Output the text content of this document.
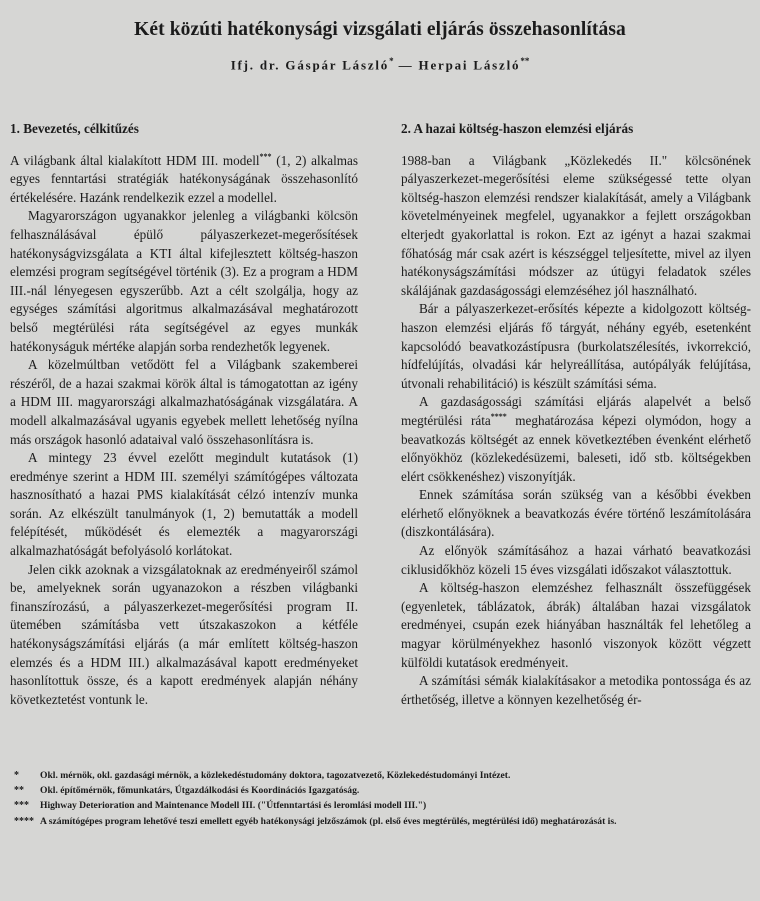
Két közúti hatékonysági vizsgálati eljárás összehasonlítása
Ifj. dr. Gáspár László* — Herpai László**
1. Bevezetés, célkitűzés

A világbank által kialakított HDM III. modell*** (1, 2) alkalmas egyes fenntartási stratégiák hatékonyságának összehasonlító értékelésére. Hazánk rendelkezik ezzel a modellel.

Magyarországon ugyanakkor jelenleg a világbanki kölcsön felhasználásával épülő pályaszerkezet-megerősítések hatékonyságvizsgálata a KTI által kifejlesztett költség-haszon elemzési program segítségével történik (3). Ez a program a HDM III.-nál lényegesen egyszerűbb. Azt a célt szolgálja, hogy az egységes számítási algoritmus alkalmazásával meghatározott belső megtérülési ráta segítségével az egyes munkák hatékonyságuk mértéke alapján sorba rendezhetők legyenek.

A közelmúltban vetődött fel a Világbank szakemberei részéről, de a hazai szakmai körök által is támogatottan az igény a HDM III. magyarországi alkalmazhatóságának vizsgálatára. A modell alkalmazásával ugyanis egyebek mellett lehetőség nyílna más országok hasonló adataival való összehasonlításra is.

A mintegy 23 évvel ezelőtt megindult kutatások (1) eredménye szerint a HDM III. személyi számítógépes változata hasznosítható a hazai PMS kialakítását célzó intenzív munka során. Az elkészült tanulmányok (1, 2) bemutatták a modell felépítését, működését és elemezték a magyarországi alkalmazhatóságát befolyásoló korlátokat.

Jelen cikk azoknak a vizsgálatoknak az eredményeiről számol be, amelyeknek során ugyanazokon a részben világbanki finanszírozású, a pályaszerkezet-megerősítési program II. ütemében számításba vett útszakaszokon a kétféle hatékonyságszámítási eljárás (a már említett költség-haszon elemzés és a HDM III.) alkalmazásával kapott eredményeket hasonlítottuk össze, és a kapott eredmények alapján néhány következtetést vontunk le.

2. A hazai költség-haszon elemzési eljárás

1988-ban a Világbank „Közlekedés II." kölcsönének pályaszerkezet-megerősítési eleme szükségessé tette olyan költség-haszon elemzési rendszer kialakítását, amely a Világbank követelményeinek megfelel, ugyanakkor a fejlett országokban elterjedt gyakorlattal is rokon. Ezt az igényt a hazai szakmai főhatóság már csak azért is készséggel teljesítette, mivel az ilyen hatékonyságszámítási módszer az útügyi feladatok széles skálájának gazdaságossági elemzéséhez jól használható.

Bár a pályaszerkezet-erősítés képezte a kidolgozott költség-haszon elemzési eljárás fő tárgyát, néhány egyéb, esetenként kapcsolódó beavatkozástípusra (burkolatszélesítés, ivkorrekció, hídfelújítás, olvadási kár helyreállítása, autópályák felújítása, útvonali rehabilitáció) is készült számítási séma.

A gazdaságossági számítási eljárás alapelvét a belső megtérülési ráta**** meghatározása képezi olymódon, hogy a beavatkozás költségét az ennek következtében évenként elérhető előnyökhöz (közlekedésüzemi, baleseti, idő stb. költségekben elért csökkenéshez) viszonyítják.

Ennek számítása során szükség van a későbbi években elérhető előnyöknek a beavatkozás évére történő leszámítolására (diszkontálására).

Az előnyök számításához a hazai várható beavatkozási ciklusidőkhöz közeli 15 éves vizsgálati időszakot választottuk.

A költség-haszon elemzéshez felhasznált összefüggések (egyenletek, táblázatok, ábrák) általában hazai vizsgálatok eredményei, csupán ezek hiányában használták fel lehetőleg a magyar körülményekhez hasonló viszonyok között végzett külföldi kutatások eredményeit.

A számítási sémák kialakításakor a metodika pontossága és az érthetőség, illetve a könnyen kezelhetőség ér-

*	Okl. mérnök, okl. gazdasági mérnök, a közlekedéstudomány doktora, tagozatvezető, Közlekedéstudományi Intézet.
**	Okl. építőmérnök, főmunkatárs, Útgazdálkodási és Koordinációs Igazgatóság.
***	Highway Deterioration and Maintenance Modell III. ("Útfenntartási és leromlási modell III.")
**** A számítógépes program lehetővé teszi emellett egyéb hatékonysági jelzőszámok (pl. első éves megtérülés, megtérülési idő) meghatározását is.
